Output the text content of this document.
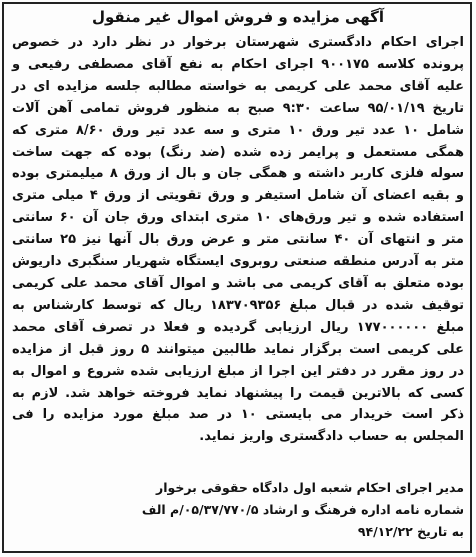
آگهی مزایده و فروش اموال غیر منقول
اجرای احکام دادگستری شهرستان برخوار در نظر دارد در خصوص پرونده کلاسه ۹۰۰۱۷۵ اجرای احکام به نفع آقای مصطفی رفیعی و علیه آقای محمد علی کریمی به خواسته مطالبه جلسه مزایده ای در تاریخ ۹۵/۰۱/۱۹ ساعت ۹:۳۰ صبح به منظور فروش تمامی آهن آلات شامل ۱۰ عدد تیر ورق ۱۰ متری و سه عدد تیر ورق ۸/۶۰ متری که همگی مستعمل و پرایمر زده شده (ضد رنگ) بوده که جهت ساخت سوله فلزی کاربر داشته و همگی جان و بال از ورق ۸ میلیمتری بوده و بقیه اعضای آن شامل استیفر و ورق تقویتی از ورق ۴ میلی متری استفاده شده و تیر ورق‌های ۱۰ متری ابتدای ورق جان آن ۶۰ سانتی متر و انتهای آن ۴۰ سانتی متر و عرض ورق بال آنها نیز ۲۵ سانتی متر به آدرس منطقه صنعتی روبروی ایستگاه شهریار سنگبری داریوش بوده متعلق به آقای کریمی می باشد و اموال آقای محمد علی کریمی توقیف شده در قبال مبلغ ۱۸۳۷۰۹۳۵۶ ریال که توسط کارشناس به مبلغ ۱۷۷۰۰۰۰۰۰ ریال ارزیابی گردیده و فعلا در تصرف آقای محمد علی کریمی است برگزار نماید طالبین میتوانند ۵ روز قبل از مزایده در روز مقرر در دفتر این اجرا از مبلغ ارزیابی شده شروع و اموال به کسی که بالاترین قیمت را پیشنهاد نماید فروخته خواهد شد. لازم به ذکر است خریدار می بایستی ۱۰ در صد مبلغ مورد مزایده را فی المجلس به حساب دادگستری واریز نماید.
مدیر اجرای احکام شعبه اول دادگاه حقوقی برخوار
شماره نامه اداره فرهنگ و ارشاد ۰۵/۳۷/۷۷۰/۵/م الف
به تاریخ ۹۴/۱۲/۲۲
